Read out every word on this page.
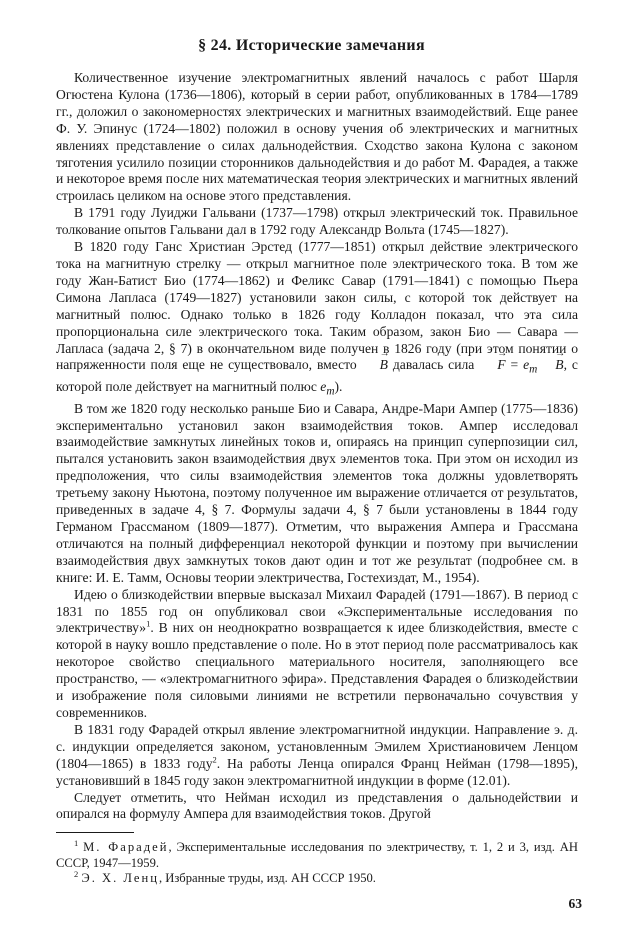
§ 24. Исторические замечания

Количественное изучение электромагнитных явлений началось с работ Шарля Огюстена Кулона (1736—1806), который в серии работ, опубликованных в 1784—1789 гг., доложил о закономерностях электрических и магнитных взаимодействий. Еще ранее Ф. У. Эпинус (1724—1802) положил в основу учения об электрических и магнитных явлениях представление о силах дальнодействия. Сходство закона Кулона с законом тяготения усилило позиции сторонников дальнодействия и до работ М. Фарадея, а также и некоторое время после них математическая теория электрических и магнитных явлений строилась целиком на основе этого представления.

В 1791 году Луиджи Гальвани (1737—1798) открыл электрический ток. Правильное толкование опытов Гальвани дал в 1792 году Александр Вольта (1745—1827).

В 1820 году Ганс Христиан Эрстед (1777—1851) открыл действие электрического тока на магнитную стрелку — открыл магнитное поле электрического тока. В том же году Жан-Батист Био (1774—1862) и Феликс Савар (1791—1841) с помощью Пьера Симона Лапласа (1749—1827) установили закон силы, с которой ток действует на магнитный полюс. Однако только в 1826 году Колладон показал, что эта сила пропорциональна силе электрического тока. Таким образом, закон Био — Савара — Лапласа (задача 2, § 7) в окончательном виде получен в 1826 году (при этом понятии о напряженности поля еще не существовало, вместо → B давалась сила → $F = e_m \to B$, с которой поле действует на магнитный полюс $e_m$).

В том же 1820 году несколько раньше Био и Савара, Андре-Мари Ампер (1775—1836) экспериментально установил закон взаимодействия токов. Ампер исследовал взаимодействие замкнутых линейных токов и, опираясь на принцип суперпозиции сил, пытался установить закон взаимодействия двух элементов тока. При этом он исходил из предположения, что силы взаимодействия элементов тока должны удовлетворять третьему закону Ньютона, поэтому полученное им выражение отличается от результатов, приведенных в задаче 4, § 7. Формулы задачи 4, § 7 были установлены в 1844 году Германом Грассманом (1809—1877). Отметим, что выражения Ампера и Грассмана отличаются на полный дифференциал некоторой функции и поэтому при вычислении взаимодействия двух замкнутых токов дают один и тот же результат (подробнее см. в книге: И. Е. Тамм, Основы теории электричества, Гостехиздат, М., 1954).

Идею о близкодействии впервые высказал Михаил Фарадей (1791—1867). В период с 1831 по 1855 год он опубликовал свои «Экспериментальные исследования по электричеству»$^1$. В них он неоднократно возвращается к идее близкодействия, вместе с которой в науку вошло представление о поле. Но в этот период поле рассматривалось как некоторое свойство специального материального носителя, заполняющего все пространство, — «электромагнитного эфира». Представления Фарадея о близкодействии и изображение поля силовыми линиями не встретили первоначально сочувствия у современников.

В 1831 году Фарадей открыл явление электромагнитной индукции. Направление э. д. с. индукции определяется законом, установленным Эмилем Христиановичем Ленцом (1804—1865) в 1833 году$^2$. На работы Ленца опирался Франц Нейман (1798—1895), установивший в 1845 году закон электромагнитной индукции в форме (12.01).

Следует отметить, что Нейман исходил из представления о дальнодействии и опирался на формулу Ампера для взаимодействия токов. Другой

$^1$ М. Фарадей, Экспериментальные исследования по электричеству, т. 1, 2 и 3, изд. АН СССР, 1947—1959.

$^2$ Э. Х. Ленц, Избранные труды, изд. АН СССР 1950.

63
